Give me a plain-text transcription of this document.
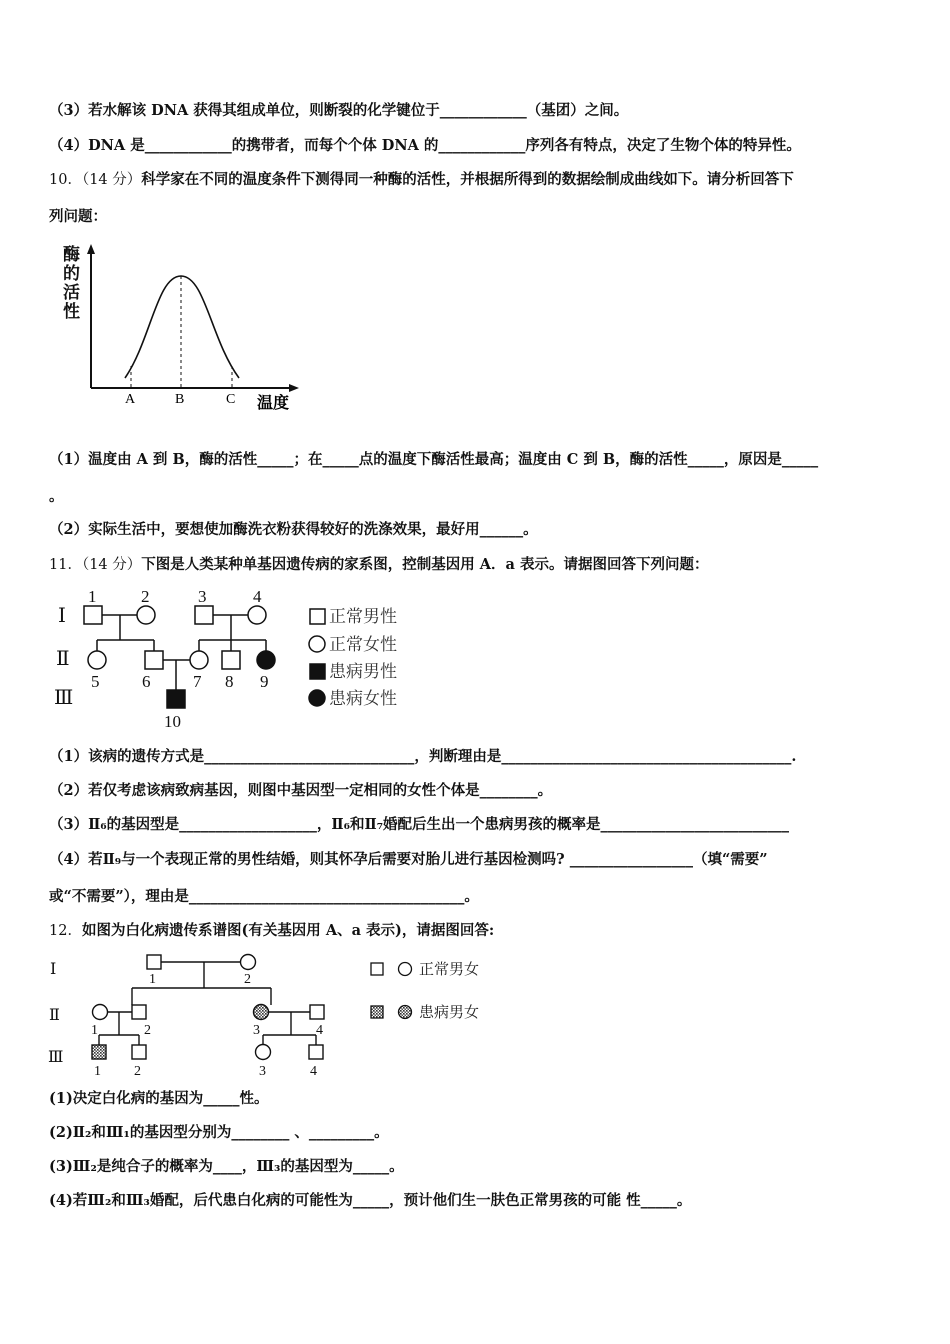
（3）若水解该 DNA 获得其组成单位，则断裂的化学键位于____________（基团）之间。
（4）DNA 是____________的携带者，而每个个体 DNA 的____________序列各有特点，决定了生物个体的特异性。
10．（14 分）科学家在不同的温度条件下测得同一种酶的活性，并根据所得到的数据绘制成曲线如下。请分析回答下
列问题：
酶
的
活
性
A	B	C 温度
（1）温度由 A 到 B，酶的活性_____；在_____点的温度下酶活性最高；温度由 C 到 B，酶的活性_____，原因是_____
。
（2）实际生活中，要想使加酶洗衣粉获得较好的洗涤效果，最好用______。
11．（14 分）下图是人类某种单基因遗传病的家系图，控制基因用 A．a 表示。请据图回答下列问题：
Ⅰ
Ⅱ
Ⅲ
1	2	3	4
5	6	7 8 9
10
正常男性
正常女性
患病男性
患病女性
（1）该病的遗传方式是_____________________________，判断理由是________________________________________.
（2）若仅考虑该病致病基因，则图中基因型一定相同的女性个体是________。
（3）Ⅱ₆的基因型是___________________，Ⅱ₆和Ⅱ₇婚配后生出一个患病男孩的概率是__________________________
（4）若Ⅱ₉与一个表现正常的男性结婚，则其怀孕后需要对胎儿进行基因检测吗? _________________（填“需要”
或“不需要”），理由是______________________________________。
12．如图为白化病遗传系谱图(有关基因用 A、a 表示)，请据图回答:
Ⅰ
Ⅱ
Ⅲ
1	2
1	2	3	4
1 2	3	4
正常男女
患病男女
(1)决定白化病的基因为_____性。
(2)Ⅱ₂和Ⅲ₁的基因型分别为________ 、_________。
(3)Ⅲ₂是纯合子的概率为____，Ⅲ₃的基因型为_____。
(4)若Ⅲ₂和Ⅲ₃婚配，后代患白化病的可能性为_____，预计他们生一肤色正常男孩的可能 性_____。
